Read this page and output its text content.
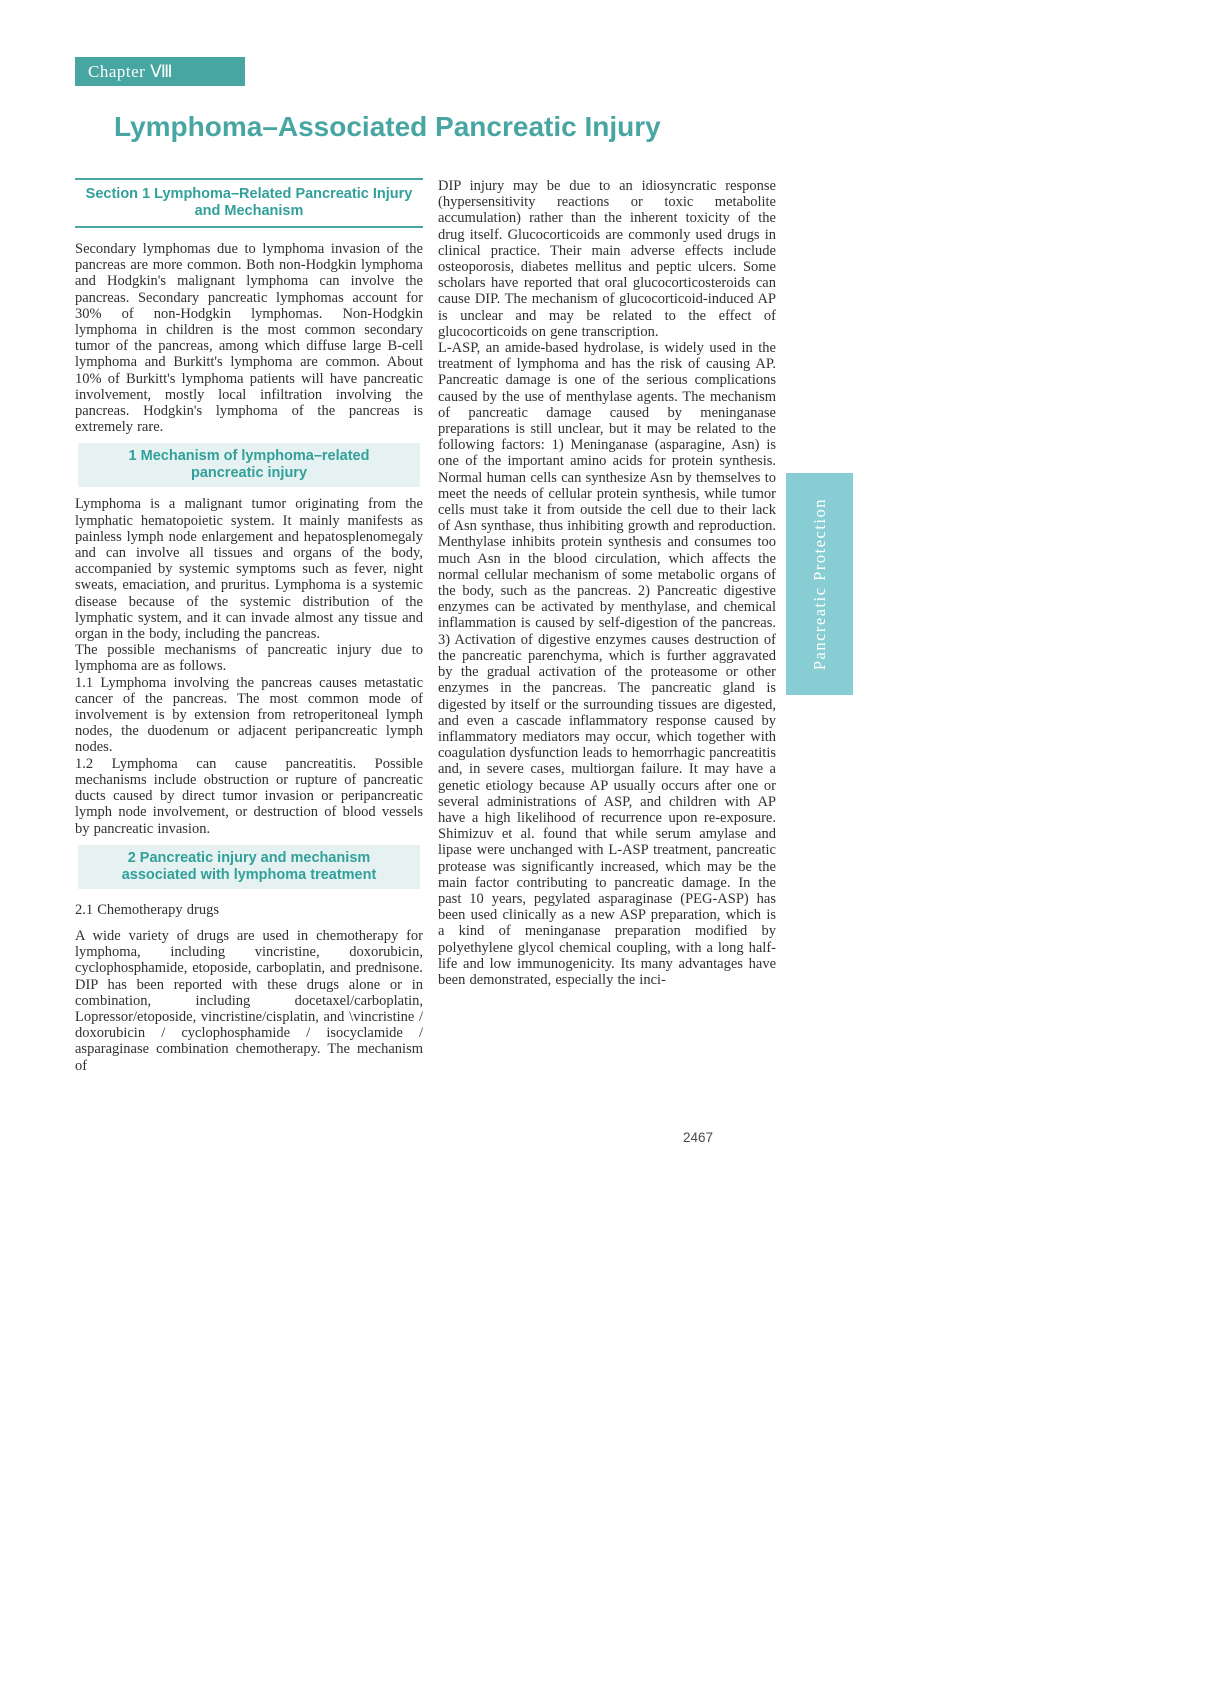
Chapter Ⅷ
Lymphoma–Associated Pancreatic Injury
Section 1 Lymphoma–Related Pancreatic Injury and Mechanism

Secondary lymphomas due to lymphoma invasion of the pancreas are more common. Both non-Hodgkin lymphoma and Hodgkin's malignant lymphoma can involve the pancreas. Secondary pancreatic lymphomas account for 30% of non-Hodgkin lymphomas. Non-Hodgkin lymphoma in children is the most common secondary tumor of the pancreas, among which diffuse large B-cell lymphoma and Burkitt's lymphoma are common. About 10% of Burkitt's lymphoma patients will have pancreatic involvement, mostly local infiltration involving the pancreas. Hodgkin's lymphoma of the pancreas is extremely rare.

1 Mechanism of lymphoma–related pancreatic injury

Lymphoma is a malignant tumor originating from the lymphatic hematopoietic system. It mainly manifests as painless lymph node enlargement and hepatosplenomegaly and can involve all tissues and organs of the body, accompanied by systemic symptoms such as fever, night sweats, emaciation, and pruritus. Lymphoma is a systemic disease because of the systemic distribution of the lymphatic system, and it can invade almost any tissue and organ in the body, including the pancreas.

The possible mechanisms of pancreatic injury due to lymphoma are as follows.

1.1 Lymphoma involving the pancreas causes metastatic cancer of the pancreas. The most common mode of involvement is by extension from retroperitoneal lymph nodes, the duodenum or adjacent peripancreatic lymph nodes.

1.2 Lymphoma can cause pancreatitis. Possible mechanisms include obstruction or rupture of pancreatic ducts caused by direct tumor invasion or peripancreatic lymph node involvement, or destruction of blood vessels by pancreatic invasion.

2 Pancreatic injury and mechanism associated with lymphoma treatment

2.1 Chemotherapy drugs

A wide variety of drugs are used in chemotherapy for lymphoma, including vincristine, doxorubicin, cyclophosphamide, etoposide, carboplatin, and prednisone. DIP has been reported with these drugs alone or in combination, including docetaxel/carboplatin, Lopressor/etoposide, vincristine/cisplatin, and \vincristine / doxorubicin / cyclophosphamide / isocyclamide / asparaginase combination chemotherapy. The mechanism of

DIP injury may be due to an idiosyncratic response (hypersensitivity reactions or toxic metabolite accumulation) rather than the inherent toxicity of the drug itself. Glucocorticoids are commonly used drugs in clinical practice. Their main adverse effects include osteoporosis, diabetes mellitus and peptic ulcers. Some scholars have reported that oral glucocorticosteroids can cause DIP. The mechanism of glucocorticoid-induced AP is unclear and may be related to the effect of glucocorticoids on gene transcription.

L-ASP, an amide-based hydrolase, is widely used in the treatment of lymphoma and has the risk of causing AP. Pancreatic damage is one of the serious complications caused by the use of menthylase agents. The mechanism of pancreatic damage caused by meninganase preparations is still unclear, but it may be related to the following factors: 1) Meninganase (asparagine, Asn) is one of the important amino acids for protein synthesis. Normal human cells can synthesize Asn by themselves to meet the needs of cellular protein synthesis, while tumor cells must take it from outside the cell due to their lack of Asn synthase, thus inhibiting growth and reproduction. Menthylase inhibits protein synthesis and consumes too much Asn in the blood circulation, which affects the normal cellular mechanism of some metabolic organs of the body, such as the pancreas. 2) Pancreatic digestive enzymes can be activated by menthylase, and chemical inflammation is caused by self-digestion of the pancreas. 3) Activation of digestive enzymes causes destruction of the pancreatic parenchyma, which is further aggravated by the gradual activation of the proteasome or other enzymes in the pancreas. The pancreatic gland is digested by itself or the surrounding tissues are digested, and even a cascade inflammatory response caused by inflammatory mediators may occur, which together with coagulation dysfunction leads to hemorrhagic pancreatitis and, in severe cases, multiorgan failure. It may have a genetic etiology because AP usually occurs after one or several administrations of ASP, and children with AP have a high likelihood of recurrence upon re-exposure. Shimizuv et al. found that while serum amylase and lipase were unchanged with L-ASP treatment, pancreatic protease was significantly increased, which may be the main factor contributing to pancreatic damage. In the past 10 years, pegylated asparaginase (PEG-ASP) has been used clinically as a new ASP preparation, which is a kind of meninganase preparation modified by polyethylene glycol chemical coupling, with a long half-life and low immunogenicity. Its many advantages have been demonstrated, especially the inci-

Pancreatic Protection
2467
